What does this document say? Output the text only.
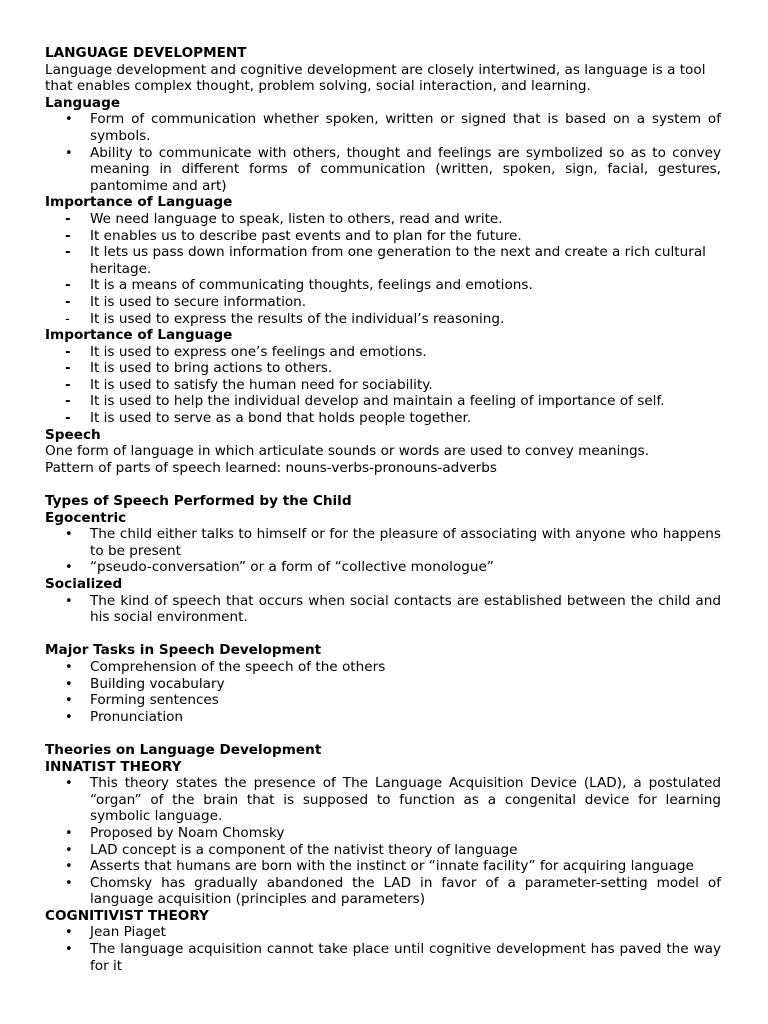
LANGUAGE DEVELOPMENT

Language development and cognitive development are closely intertwined, as language is a tool that enables complex thought, problem solving, social interaction, and learning.

Language

•
Form of communication whether spoken, written or signed that is based on a system of symbols.
•
Ability to communicate with others, thought and feelings are symbolized so as to convey meaning in different forms of communication (written, spoken, sign, facial, gestures, pantomime and art)

Importance of Language

-	We need language to speak, listen to others, read and write.
-	It enables us to describe past events and to plan for the future.
-	It lets us pass down information from one generation to the next and create a rich cultural heritage.
-	It is a means of communicating thoughts, feelings and emotions.
-	It is used to secure information.
-	It is used to express the results of the individual’s reasoning.

Importance of Language

-	It is used to express one’s feelings and emotions.
-	It is used to bring actions to others.
-	It is used to satisfy the human need for sociability.
-	It is used to help the individual develop and maintain a feeling of importance of self.
-	It is used to serve as a bond that holds people together.

Speech

One form of language in which articulate sounds or words are used to convey meanings.

Pattern of parts of speech learned: nouns-verbs-pronouns-adverbs

Types of Speech Performed by the Child

Egocentric

•
The child either talks to himself or for the pleasure of associating with anyone who happens to be present
•
“pseudo-conversation” or a form of “collective monologue”

Socialized

•
The kind of speech that occurs when social contacts are established between the child and his social environment.

Major Tasks in Speech Development

•
Comprehension of the speech of the others
•
Building vocabulary
•
Forming sentences
•
Pronunciation

Theories on Language Development

INNATIST THEORY

•
This theory states the presence of The Language Acquisition Device (LAD), a postulated “organ” of the brain that is supposed to function as a congenital device for learning symbolic language.
•
Proposed by Noam Chomsky
•
LAD concept is a component of the nativist theory of language
•
Asserts that humans are born with the instinct or “innate facility” for acquiring language
•
Chomsky has gradually abandoned the LAD in favor of a parameter-setting model of language acquisition (principles and parameters)

COGNITIVIST THEORY

•
Jean Piaget
•
The language acquisition cannot take place until cognitive development has paved the way for it
